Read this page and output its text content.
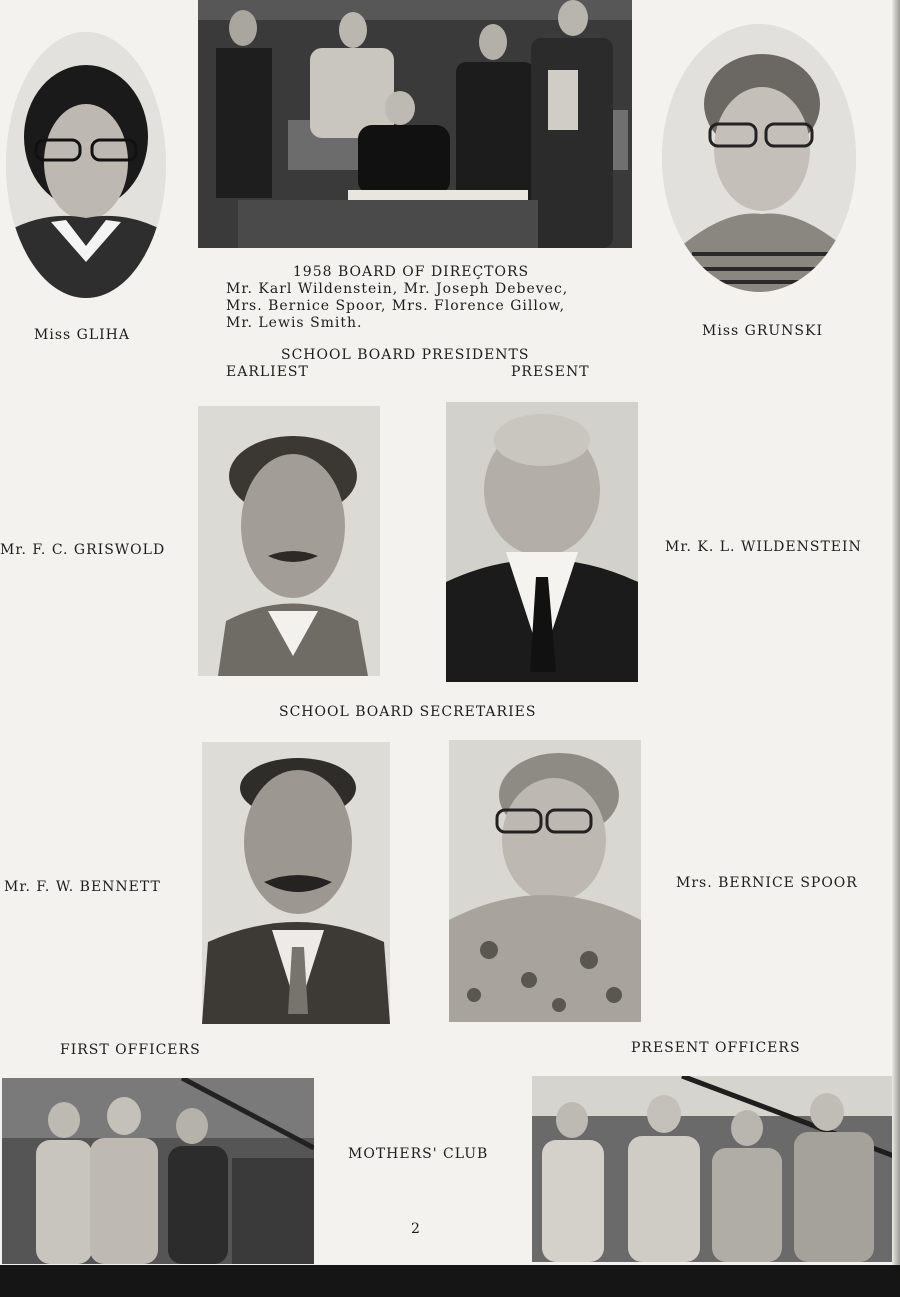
Miss GLIHA
1958 BOARD OF DIREÇTORS
Mr. Karl Wildenstein, Mr. Joseph Debevec,
Mrs. Bernice Spoor, Mrs. Florence Gillow,
Mr. Lewis Smith.	Miss GRUNSKI
SCHOOL BOARD PRESIDENTS
EARLIEST	PRESENT
Mr. F. C. GRISWOLD	Mr. K. L. WILDENSTEIN
SCHOOL BOARD SECRETARIES
Mr. F. W. BENNETT	Mrs. BERNICE SPOOR
FIRST OFFICERS	PRESENT OFFICERS
MOTHERS' CLUB
2
